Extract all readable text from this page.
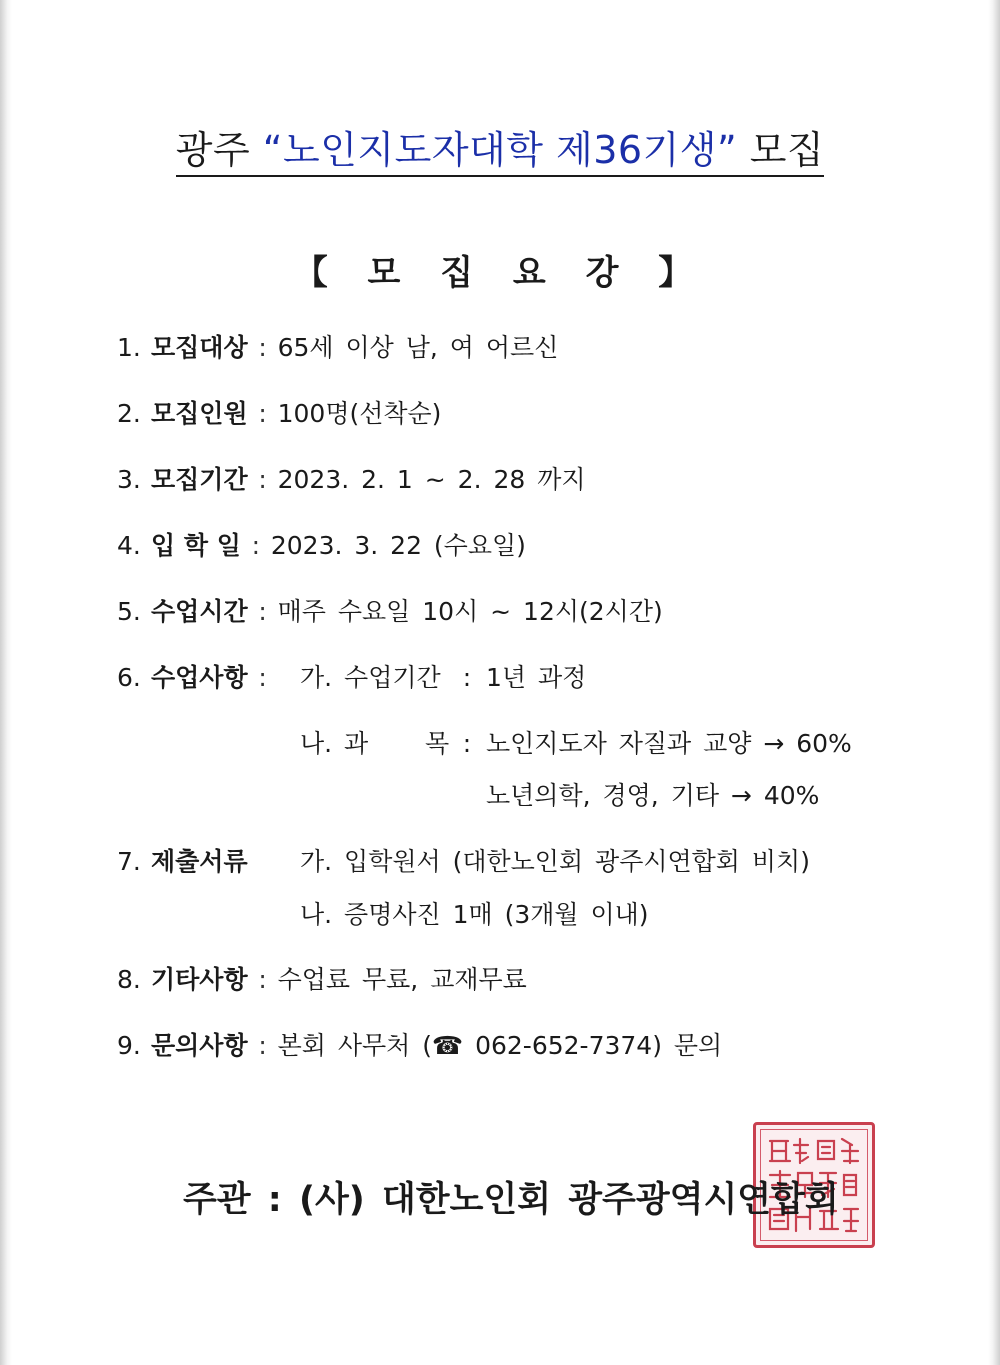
광주 “노인지도자대학 제36기생” 모집
【 모 집 요 강 】
1. 모집대상 : 65세 이상 남, 여 어르신
2. 모집인원 : 100명(선착순)
3. 모집기간 : 2023. 2. 1 ~ 2. 28 까지
4. 입 학 일 : 2023. 3. 22 (수요일)
5. 수업시간 : 매주 수요일 10시 ~ 12시(2시간)
6. 수업사항 :	가. 수업기간 : 1년 과정
나. 과 목 : 노인지도자 자질과 교양 → 60%
노년의학, 경영, 기타 → 40%
7. 제출서류 가. 입학원서 (대한노인회 광주시연합회 비치)
나. 증명사진 1매 (3개월 이내)
8. 기타사항 : 수업료 무료, 교재무료
9. 문의사항 : 본회 사무처 (☎ 062-652-7374) 문의
주관 : (사) 대한노인회 광주광역시연합회
